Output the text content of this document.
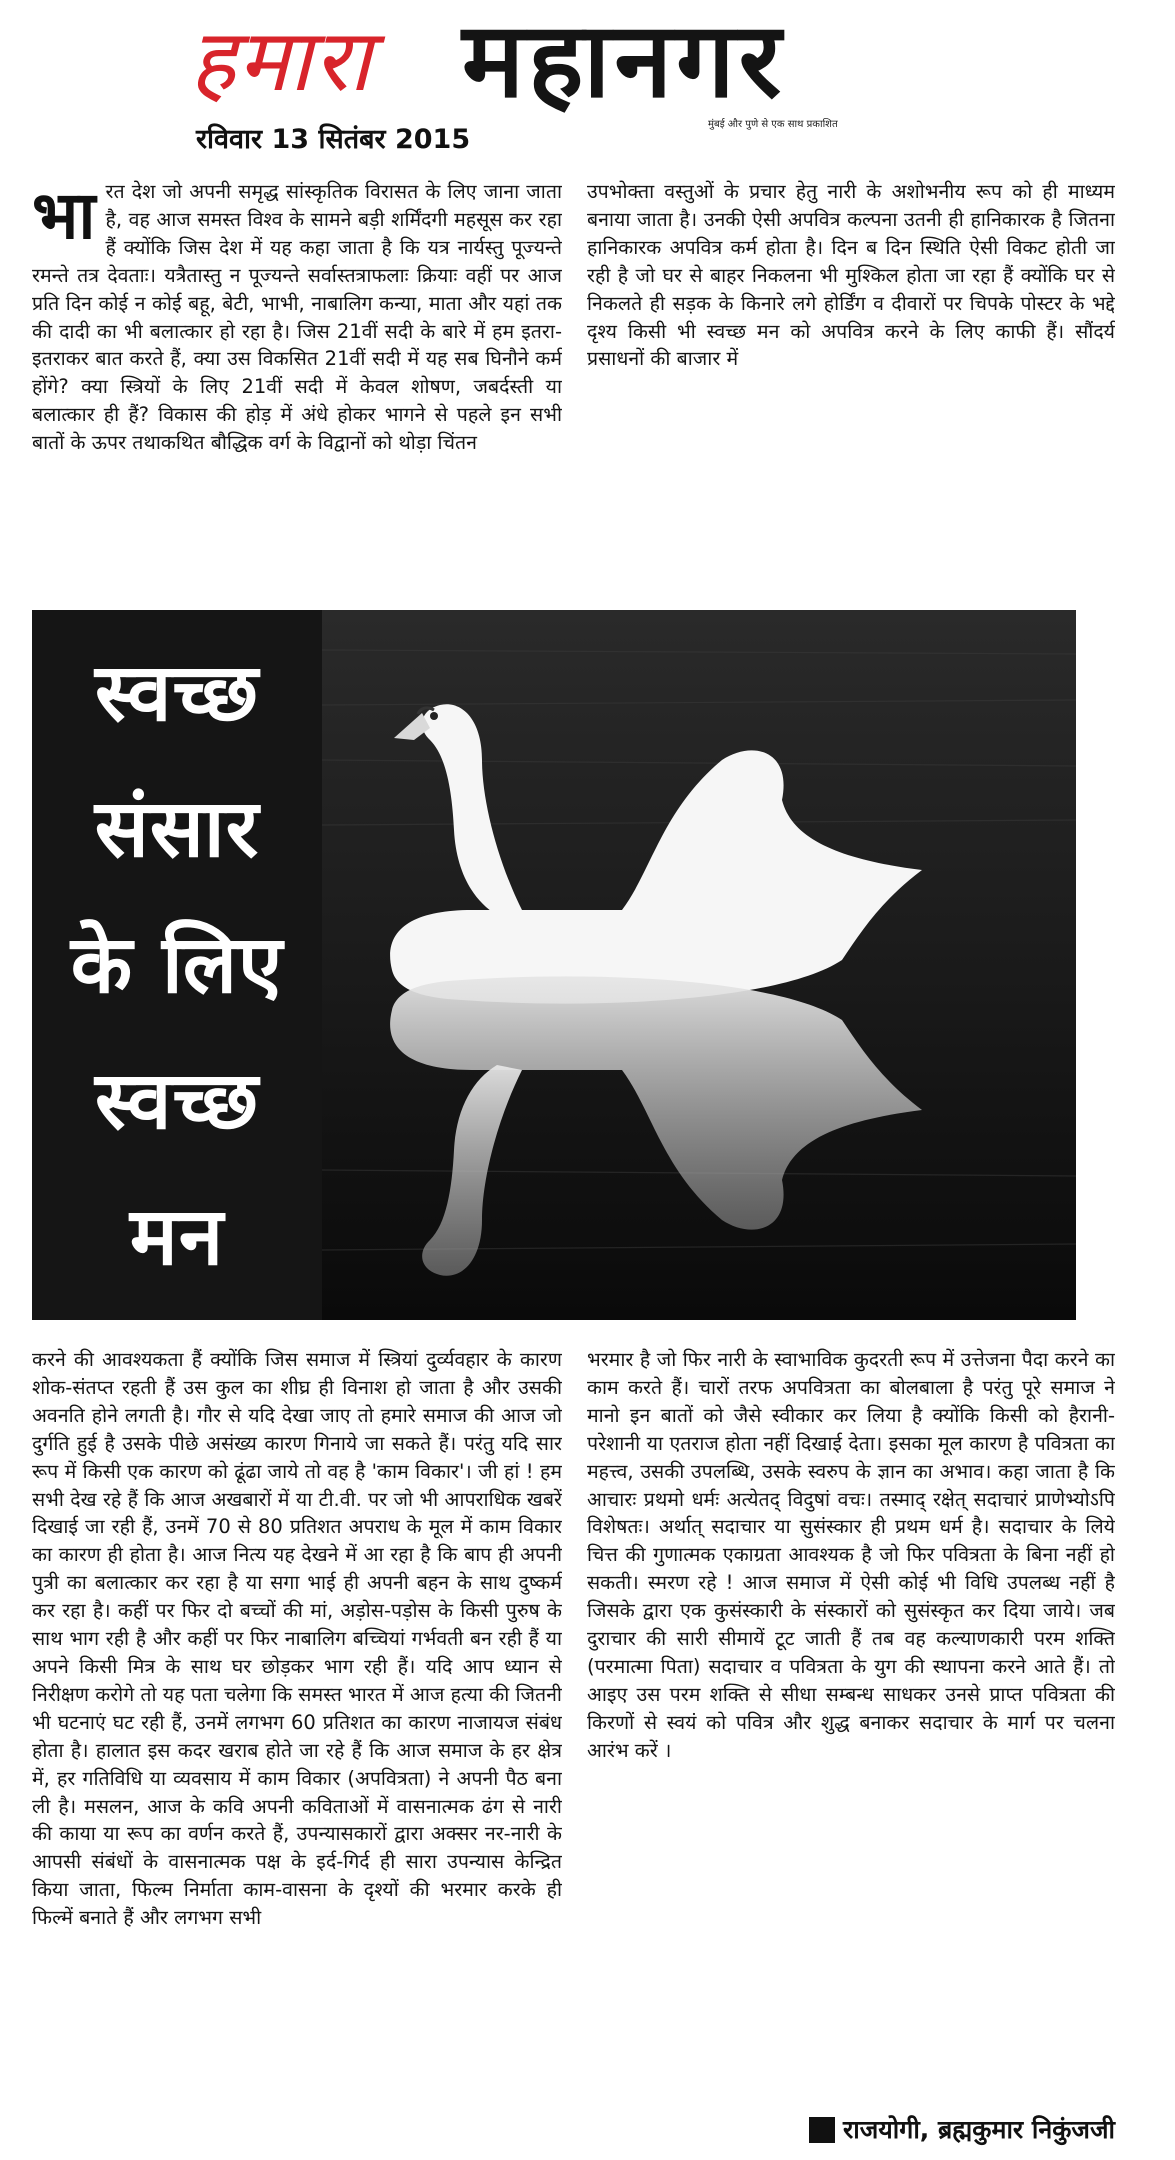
हमारा महानगर
रविवार 13 सितंबर 2015	मुंबई और पुणे से एक साथ प्रकाशित

भारत देश जो अपनी समृद्ध सांस्कृतिक विरासत के लिए जाना जाता है, वह आज समस्त विश्व के सामने बड़ी शर्मिंदगी महसूस कर रहा हैं क्योंकि जिस देश में यह कहा जाता है कि यत्र नार्यस्तु पूज्यन्ते रमन्ते तत्र देवताः। यत्रैतास्तु न पूज्यन्ते सर्वास्तत्राफलाः क्रियाः वहीं पर आज प्रति दिन कोई न कोई बहू, बेटी, भाभी, नाबालिग कन्या, माता और यहां तक की दादी का भी बलात्कार हो रहा है। जिस 21वीं सदी के बारे में हम इतरा-इतराकर बात करते हैं, क्या उस विकसित 21वीं सदी में यह सब घिनौने कर्म होंगे? क्या स्त्रियों के लिए 21वीं सदी में केवल शोषण, जबर्दस्ती या बलात्कार ही हैं? विकास की होड़ में अंधे होकर भागने से पहले इन सभी बातों के ऊपर तथाकथित बौद्धिक वर्ग के विद्वानों को थोड़ा चिंतन

उपभोक्ता वस्तुओं के प्रचार हेतु नारी के अशोभनीय रूप को ही माध्यम बनाया जाता है। उनकी ऐसी अपवित्र कल्पना उतनी ही हानिकारक है जितना हानिकारक अपवित्र कर्म होता है। दिन ब दिन स्थिति ऐसी विकट होती जा रही है जो घर से बाहर निकलना भी मुश्किल होता जा रहा हैं क्योंकि घर से निकलते ही सड़क के किनारे लगे होर्डिंग व दीवारों पर चिपके पोस्टर के भद्दे दृश्य किसी भी स्वच्छ मन को अपवित्र करने के लिए काफी हैं। सौंदर्य प्रसाधनों की बाजार में

स्वच्छ
संसार
के लिए
स्वच्छ
मन

करने की आवश्यकता हैं क्योंकि जिस समाज में स्त्रियां दुर्व्यवहार के कारण शोक-संतप्त रहती हैं उस कुल का शीघ्र ही विनाश हो जाता है और उसकी अवनति होने लगती है। गौर से यदि देखा जाए तो हमारे समाज की आज जो दुर्गति हुई है उसके पीछे असंख्य कारण गिनाये जा सकते हैं। परंतु यदि सार रूप में किसी एक कारण को ढूंढा जाये तो वह है 'काम विकार'। जी हां ! हम सभी देख रहे हैं कि आज अखबारों में या टी.वी. पर जो भी आपराधिक खबरें दिखाई जा रही हैं, उनमें 70 से 80 प्रतिशत अपराध के मूल में काम विकार का कारण ही होता है। आज नित्य यह देखने में आ रहा है कि बाप ही अपनी पुत्री का बलात्कार कर रहा है या सगा भाई ही अपनी बहन के साथ दुष्कर्म कर रहा है। कहीं पर फिर दो बच्चों की मां, अड़ोस-पड़ोस के किसी पुरुष के साथ भाग रही है और कहीं पर फिर नाबालिग बच्चियां गर्भवती बन रही हैं या अपने किसी मित्र के साथ घर छोड़कर भाग रही हैं। यदि आप ध्यान से निरीक्षण करोगे तो यह पता चलेगा कि समस्त भारत में आज हत्या की जितनी भी घटनाएं घट रही हैं, उनमें लगभग 60 प्रतिशत का कारण नाजायज संबंध होता है। हालात इस कदर खराब होते जा रहे हैं कि आज समाज के हर क्षेत्र में, हर गतिविधि या व्यवसाय में काम विकार (अपवित्रता) ने अपनी पैठ बना ली है। मसलन, आज के कवि अपनी कविताओं में वासनात्मक ढंग से नारी की काया या रूप का वर्णन करते हैं, उपन्यासकारों द्वारा अक्सर नर-नारी के आपसी संबंधों के वासनात्मक पक्ष के इर्द-गिर्द ही सारा उपन्यास केन्द्रित किया जाता, फिल्म निर्माता काम-वासना के दृश्यों की भरमार करके ही फिल्में बनाते हैं और लगभग सभी

भरमार है जो फिर नारी के स्वाभाविक कुदरती रूप में उत्तेजना पैदा करने का काम करते हैं। चारों तरफ अपवित्रता का बोलबाला है परंतु पूरे समाज ने मानो इन बातों को जैसे स्वीकार कर लिया है क्योंकि किसी को हैरानी-परेशानी या एतराज होता नहीं दिखाई देता। इसका मूल कारण है पवित्रता का महत्त्व, उसकी उपलब्धि, उसके स्वरुप के ज्ञान का अभाव। कहा जाता है कि आचारः प्रथमो धर्मः अत्येतद् विदुषां वचः। तस्माद् रक्षेत् सदाचारं प्राणेभ्योऽपि विशेषतः। अर्थात् सदाचार या सुसंस्कार ही प्रथम धर्म है। सदाचार के लिये चित्त की गुणात्मक एकाग्रता आवश्यक है जो फिर पवित्रता के बिना नहीं हो सकती। स्मरण रहे ! आज समाज में ऐसी कोई भी विधि उपलब्ध नहीं है जिसके द्वारा एक कुसंस्कारी के संस्कारों को सुसंस्कृत कर दिया जाये। जब दुराचार की सारी सीमायें टूट जाती हैं तब वह कल्याणकारी परम शक्ति (परमात्मा पिता) सदाचार व पवित्रता के युग की स्थापना करने आते हैं। तो आइए उस परम शक्ति से सीधा सम्बन्ध साधकर उनसे प्राप्त पवित्रता की किरणों से स्वयं को पवित्र और शुद्ध बनाकर सदाचार के मार्ग पर चलना आरंभ करें ।

राजयोगी, ब्रह्मकुमार निकुंजजी
